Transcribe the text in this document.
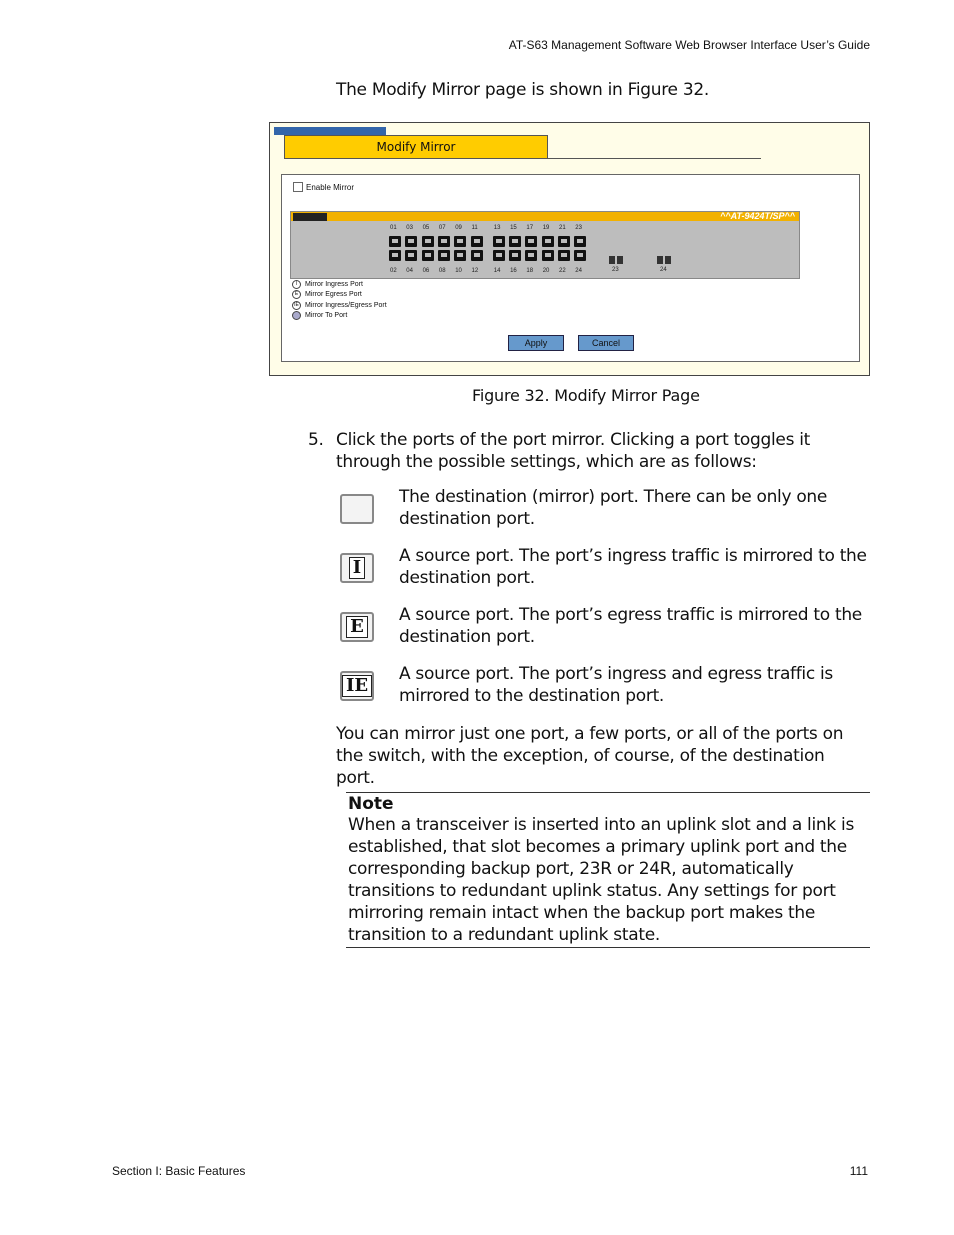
AT-S63 Management Software Web Browser Interface User’s Guide
The Modify Mirror page is shown in Figure 32.
Modify Mirror
Enable Mirror
^^AT-9424T/SP^^
01 03 05 07 09 11	13 15 17 19 21 23
02 04 06 08 10 12	14 16 18 20 22 24	23	24
I	Mirror Ingress Port
E Mirror Egress Port
IE Mirror Ingress/Egress Port
Mirror To Port
Apply	Cancel
Figure 32. Modify Mirror Page
5. Click the ports of the port mirror. Clicking a port toggles it through the possible settings, which are as follows:
The destination (mirror) port. There can be only one destination port.
I
A source port. The port’s ingress traffic is mirrored to the destination port.
E
A source port. The port’s egress traffic is mirrored to the destination port.
IE
A source port. The port’s ingress and egress traffic is mirrored to the destination port.
You can mirror just one port, a few ports, or all of the ports on the switch, with the exception, of course, of the destination port.
Note
When a transceiver is inserted into an uplink slot and a link is established, that slot becomes a primary uplink port and the corresponding backup port, 23R or 24R, automatically transitions to redundant uplink status. Any settings for port mirroring remain intact when the backup port makes the transition to a redundant uplink state.
Section I: Basic Features	111
